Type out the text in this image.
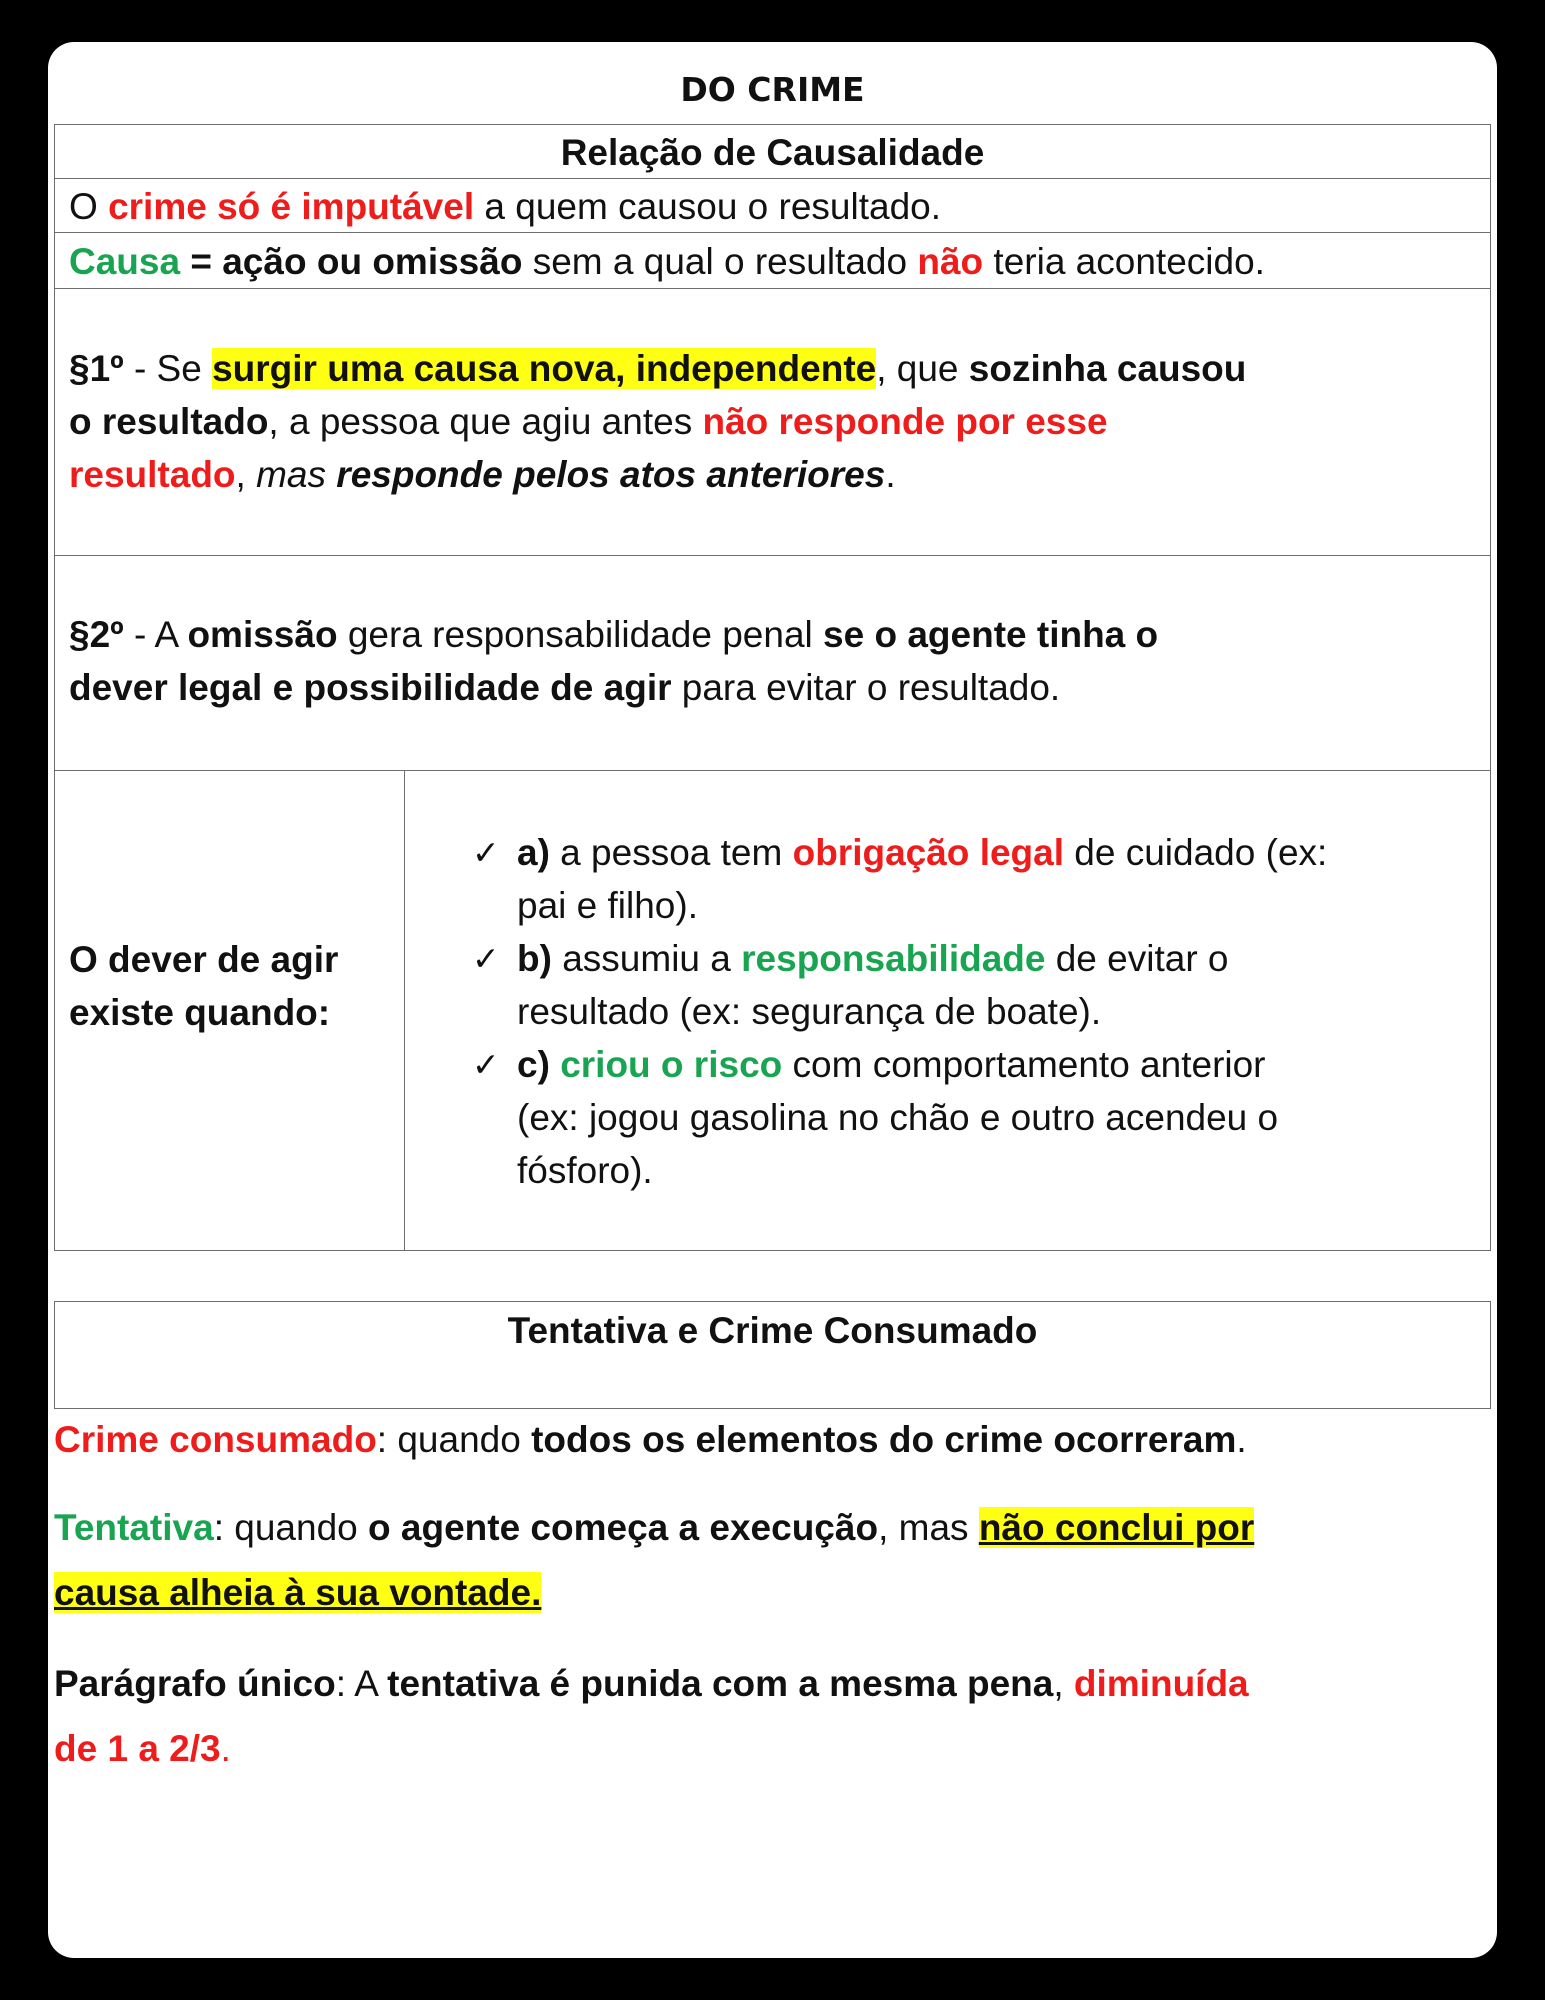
DO CRIME
Relação de Causalidade
O crime só é imputável a quem causou o resultado.
Causa = ação ou omissão sem a qual o resultado não teria acontecido.
§1º - Se surgir uma causa nova, independente, que sozinha causou
o resultado, a pessoa que agiu antes não responde por esse
resultado, mas responde pelos atos anteriores.
§2º - A omissão gera responsabilidade penal se o agente tinha o
dever legal e possibilidade de agir para evitar o resultado.
O dever de agir
existe quando:
✓ a) a pessoa tem obrigação legal de cuidado (ex:
pai e filho).
✓ b) assumiu a responsabilidade de evitar o
resultado (ex: segurança de boate).
✓ c) criou o risco com comportamento anterior
(ex: jogou gasolina no chão e outro acendeu o
fósforo).
Tentativa e Crime Consumado
Crime consumado: quando todos os elementos do crime ocorreram.
Tentativa: quando o agente começa a execução, mas não conclui por
causa alheia à sua vontade.
Parágrafo único: A tentativa é punida com a mesma pena, diminuída
de 1 a 2/3.
